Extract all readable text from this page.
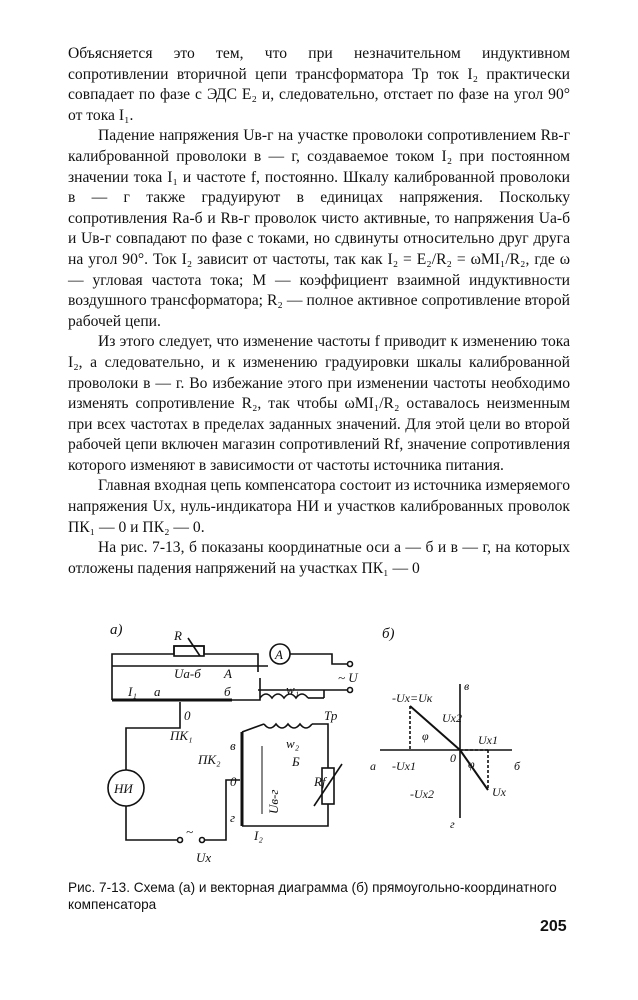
Объясняется это тем, что при незначительном индуктивном сопротивлении вторичной цепи трансформатора Тр ток I₂ практически совпадает по фазе с ЭДС E₂ и, следовательно, отстает по фазе на угол 90° от тока I₁.

Падение напряжения Uв-г на участке проволоки сопротивлением Rв-г калиброванной проволоки в — г, создаваемое током I₂ при постоянном значении тока I₁ и частоте f, постоянно. Шкалу калиброванной проволоки в — г также градуируют в единицах напряжения. Поскольку сопротивления Rа-б и Rв-г проволок чисто активные, то напряжения Uа-б и Uв-г совпадают по фазе с токами, но сдвинуты относительно друг друга на угол 90°. Ток I₂ зависит от частоты, так как I₂ = E₂/R₂ = ωMI₁/R₂, где ω — угловая частота тока; M — коэффициент взаимной индуктивности воздушного трансформатора; R₂ — полное активное сопротивление второй рабочей цепи.

Из этого следует, что изменение частоты f приводит к изменению тока I₂, а следовательно, и к изменению градуировки шкалы калиброванной проволоки в — г. Во избежание этого при изменении частоты необходимо изменять сопротивление R₂, так чтобы ωMI₁/R₂ оставалось неизменным при всех частотах в пределах заданных значений. Для этой цели во второй рабочей цепи включен магазин сопротивлений Rf, значение сопротивления которого изменяют в зависимости от частоты источника питания.

Главная входная цепь компенсатора состоит из источника измеряемого напряжения Ux, нуль-индикатора НИ и участков калиброванных проволок ПК₁ — 0 и ПК₂ — 0.

На рис. 7-13, б показаны координатные оси а — б и в — г, на которых отложены падения напряжений на участках ПК₁ — 0

а)	R
Uа-б
A
~ U
I₁ а
0
б
А
w₁
Тр
ПК₁
w₂
в
ПК₂
0
Б
Uв-г
Rf
г
I₂
НИ
~
Ux
б)
в
г
а	б
0
-Ux=Uк
Ux2
Ux1
-Ux1
-Ux2	Ux
φ
φ
Рис. 7-13. Схема (а) и векторная диаграмма (б) прямоугольно-координатного компенсатора
205
